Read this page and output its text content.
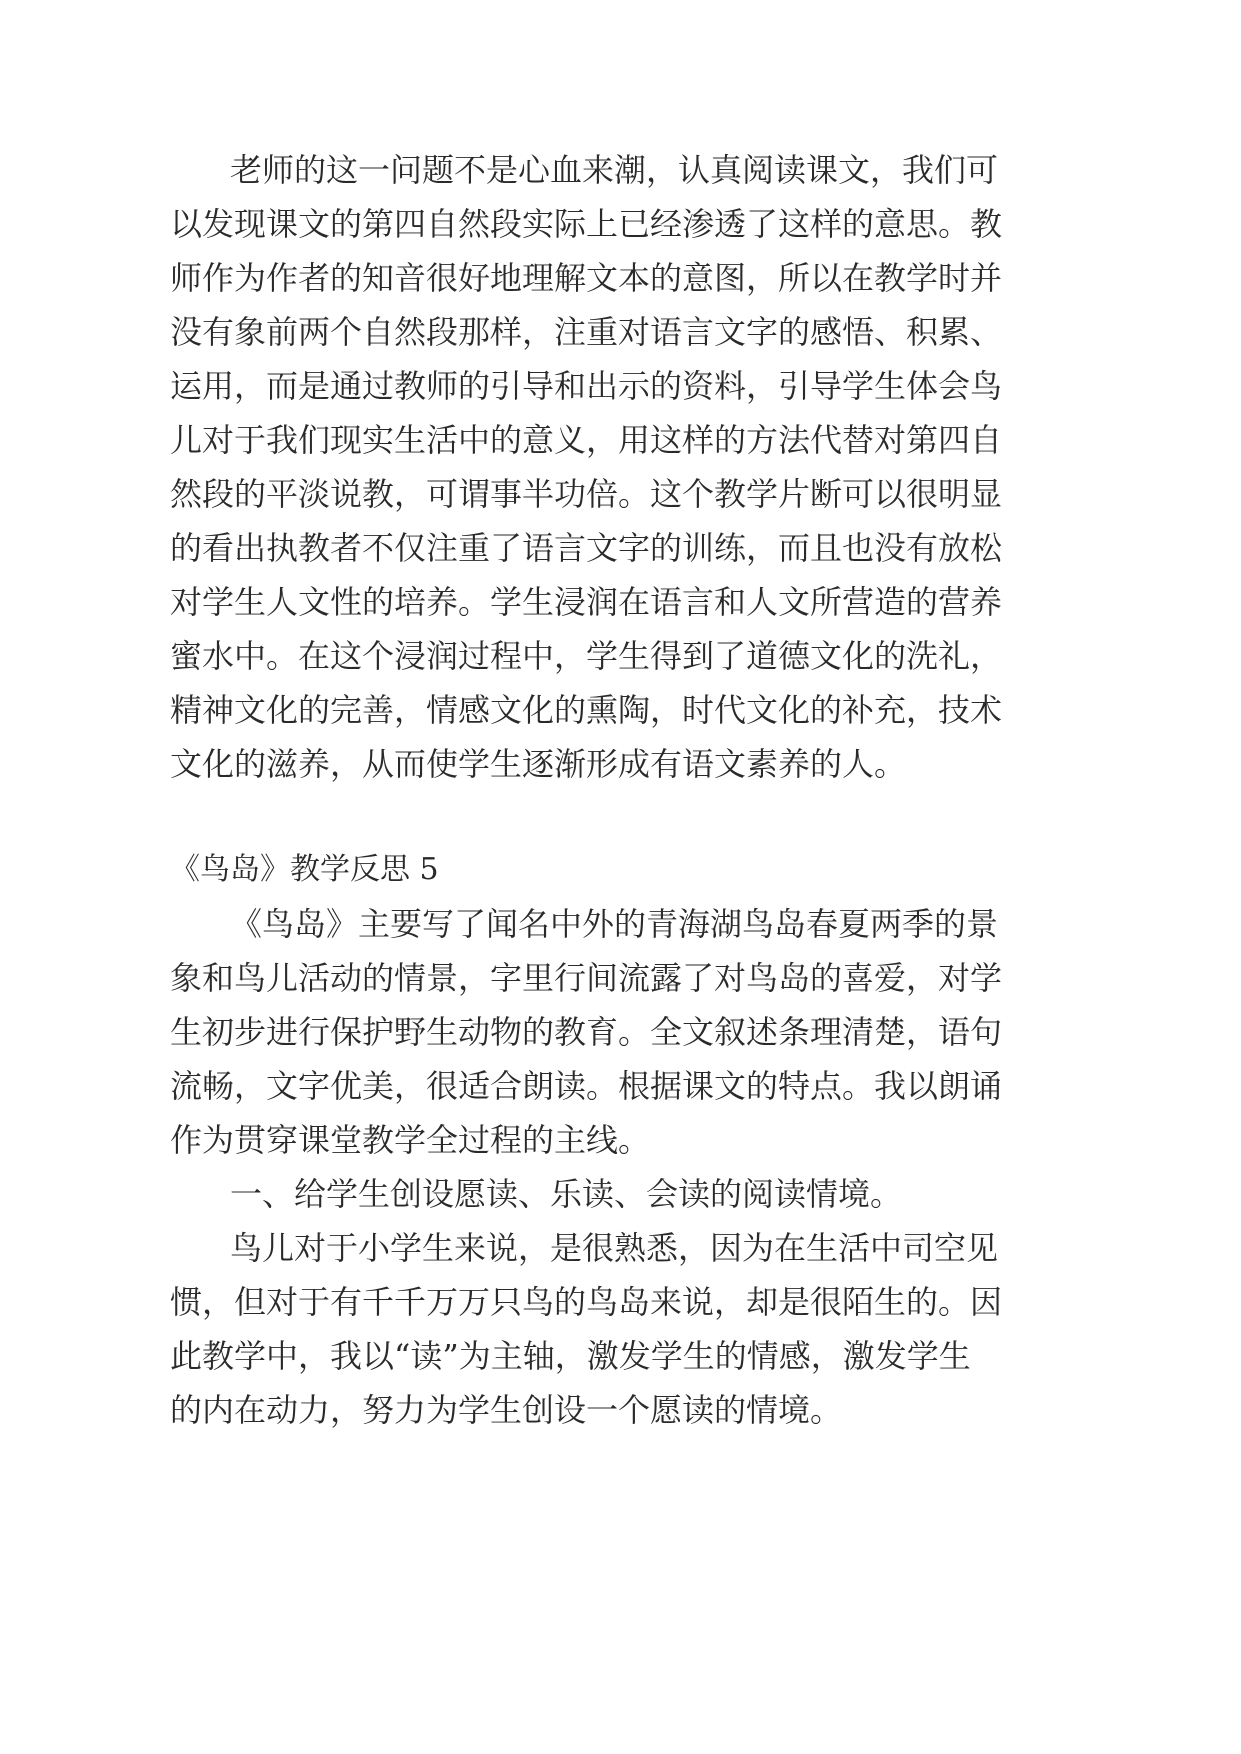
老师的这一问题不是心血来潮，认真阅读课文，我们可
以发现课文的第四自然段实际上已经渗透了这样的意思。教
师作为作者的知音很好地理解文本的意图，所以在教学时并
没有象前两个自然段那样，注重对语言文字的感悟、积累、
运用，而是通过教师的引导和出示的资料，引导学生体会鸟
儿对于我们现实生活中的意义，用这样的方法代替对第四自
然段的平淡说教，可谓事半功倍。这个教学片断可以很明显
的看出执教者不仅注重了语言文字的训练，而且也没有放松
对学生人文性的培养。学生浸润在语言和人文所营造的营养
蜜水中。在这个浸润过程中，学生得到了道德文化的洗礼，
精神文化的完善，情感文化的熏陶，时代文化的补充，技术
文化的滋养，从而使学生逐渐形成有语文素养的人。
《鸟岛》教学反思 5
《鸟岛》主要写了闻名中外的青海湖鸟岛春夏两季的景
象和鸟儿活动的情景，字里行间流露了对鸟岛的喜爱，对学
生初步进行保护野生动物的教育。全文叙述条理清楚，语句
流畅，文字优美，很适合朗读。根据课文的特点。我以朗诵
作为贯穿课堂教学全过程的主线。
一、给学生创设愿读、乐读、会读的阅读情境。
鸟儿对于小学生来说，是很熟悉，因为在生活中司空见
惯，但对于有千千万万只鸟的鸟岛来说，却是很陌生的。因
此教学中，我以“读”为主轴，激发学生的情感，激发学生
的内在动力，努力为学生创设一个愿读的情境。
